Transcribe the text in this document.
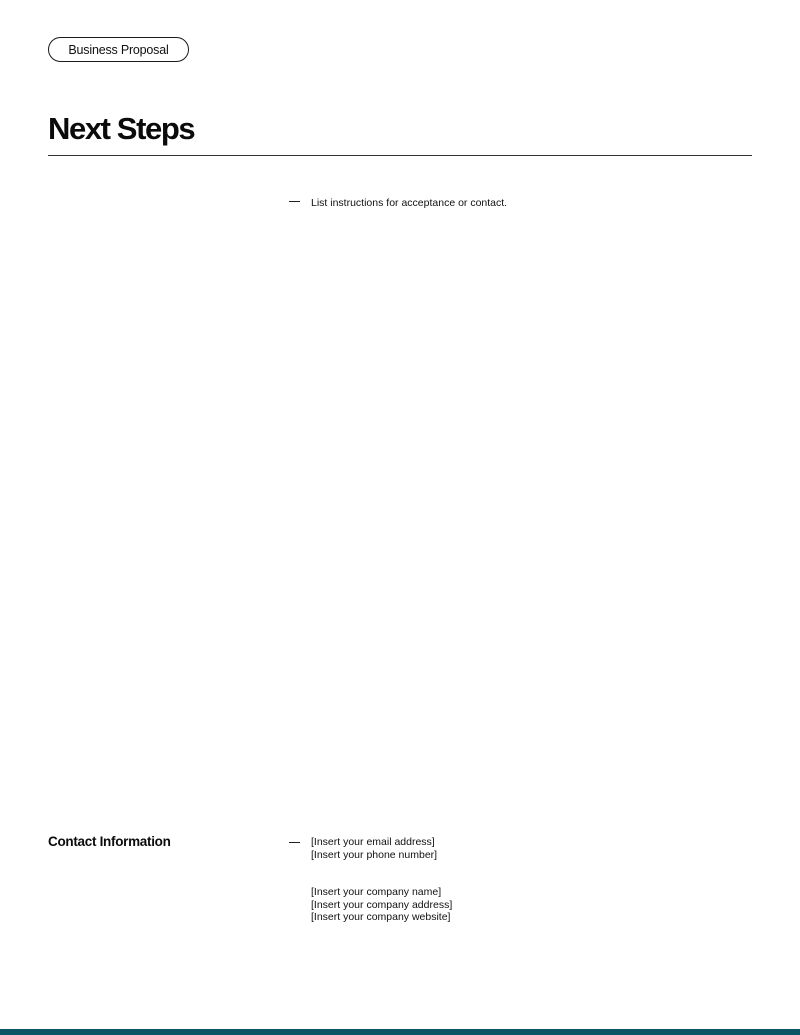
Business Proposal
Next Steps
List instructions for acceptance or contact.
Contact Information	[Insert your email address]
[Insert your phone number]
[Insert your company name]
[Insert your company address]
[Insert your company website]
